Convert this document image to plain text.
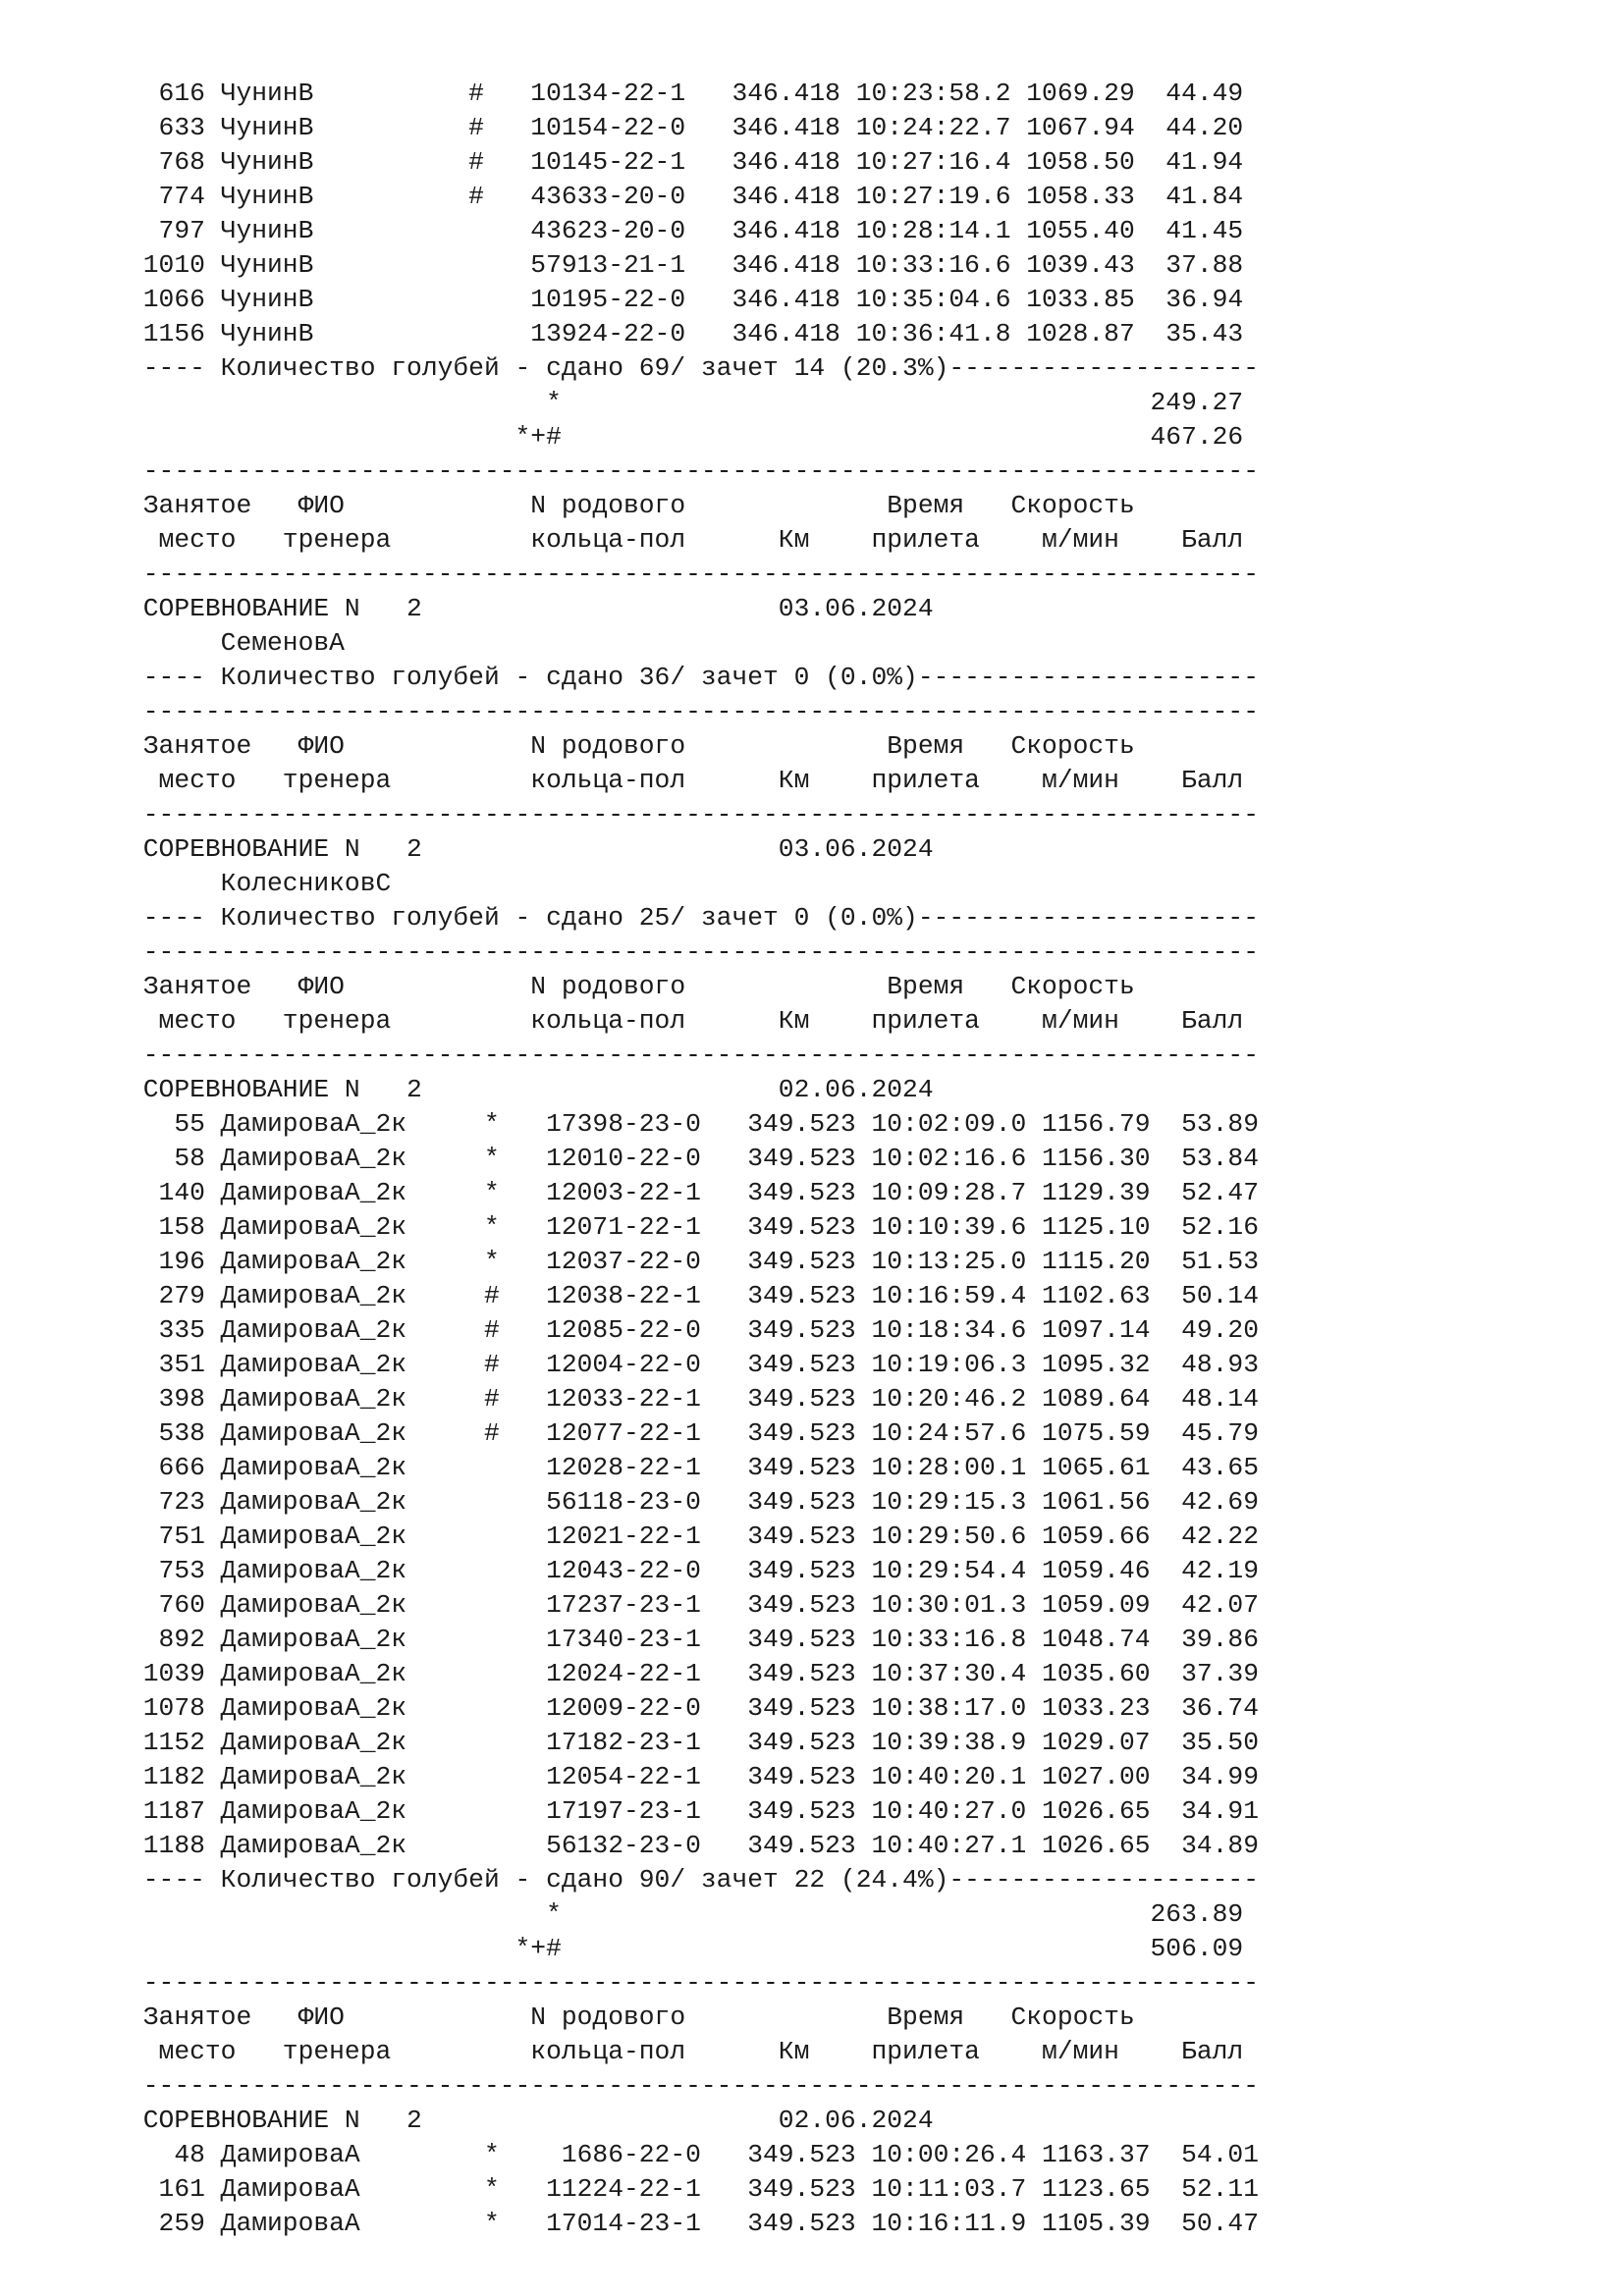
616 ЧунинВ          #   10134-22-1   346.418 10:23:58.2 1069.29  44.49
633 ЧунинВ          #   10154-22-0   346.418 10:24:22.7 1067.94  44.20
768 ЧунинВ          #   10145-22-1   346.418 10:27:16.4 1058.50  41.94
774 ЧунинВ          #   43633-20-0   346.418 10:27:19.6 1058.33  41.84
797 ЧунинВ              43623-20-0   346.418 10:28:14.1 1055.40  41.45
1010 ЧунинВ              57913-21-1   346.418 10:33:16.6 1039.43  37.88
1066 ЧунинВ              10195-22-0   346.418 10:35:04.6 1033.85  36.94
1156 ЧунинВ              13924-22-0   346.418 10:36:41.8 1028.87  35.43
---- Количество голубей - сдано 69/ зачет 14 (20.3%)--------------------
*                                      249.27
*+#                                      467.26
------------------------------------------------------------------------
Занятое   ФИО            N родового             Время   Скорость
место   тренера         кольца-пол      Км    прилета    м/мин    Балл
------------------------------------------------------------------------
СОРЕВНОВАНИЕ N   2                       03.06.2024
СеменовА
---- Количество голубей - сдано 36/ зачет 0 (0.0%)----------------------
------------------------------------------------------------------------
Занятое   ФИО            N родового             Время   Скорость
место   тренера         кольца-пол      Км    прилета    м/мин    Балл
------------------------------------------------------------------------
СОРЕВНОВАНИЕ N   2                       03.06.2024
КолесниковС
---- Количество голубей - сдано 25/ зачет 0 (0.0%)----------------------
------------------------------------------------------------------------
Занятое   ФИО            N родового             Время   Скорость
место   тренера         кольца-пол      Км    прилета    м/мин    Балл
------------------------------------------------------------------------
СОРЕВНОВАНИЕ N   2                       02.06.2024
55 ДамироваА_2к     *   17398-23-0   349.523 10:02:09.0 1156.79  53.89
58 ДамироваА_2к     *   12010-22-0   349.523 10:02:16.6 1156.30  53.84
140 ДамироваА_2к     *   12003-22-1   349.523 10:09:28.7 1129.39  52.47
158 ДамироваА_2к     *   12071-22-1   349.523 10:10:39.6 1125.10  52.16
196 ДамироваА_2к     *   12037-22-0   349.523 10:13:25.0 1115.20  51.53
279 ДамироваА_2к     #   12038-22-1   349.523 10:16:59.4 1102.63  50.14
335 ДамироваА_2к     #   12085-22-0   349.523 10:18:34.6 1097.14  49.20
351 ДамироваА_2к     #   12004-22-0   349.523 10:19:06.3 1095.32  48.93
398 ДамироваА_2к     #   12033-22-1   349.523 10:20:46.2 1089.64  48.14
538 ДамироваА_2к     #   12077-22-1   349.523 10:24:57.6 1075.59  45.79
666 ДамироваА_2к         12028-22-1   349.523 10:28:00.1 1065.61  43.65
723 ДамироваА_2к         56118-23-0   349.523 10:29:15.3 1061.56  42.69
751 ДамироваА_2к         12021-22-1   349.523 10:29:50.6 1059.66  42.22
753 ДамироваА_2к         12043-22-0   349.523 10:29:54.4 1059.46  42.19
760 ДамироваА_2к         17237-23-1   349.523 10:30:01.3 1059.09  42.07
892 ДамироваА_2к         17340-23-1   349.523 10:33:16.8 1048.74  39.86
1039 ДамироваА_2к         12024-22-1   349.523 10:37:30.4 1035.60  37.39
1078 ДамироваА_2к         12009-22-0   349.523 10:38:17.0 1033.23  36.74
1152 ДамироваА_2к         17182-23-1   349.523 10:39:38.9 1029.07  35.50
1182 ДамироваА_2к         12054-22-1   349.523 10:40:20.1 1027.00  34.99
1187 ДамироваА_2к         17197-23-1   349.523 10:40:27.0 1026.65  34.91
1188 ДамироваА_2к         56132-23-0   349.523 10:40:27.1 1026.65  34.89
---- Количество голубей - сдано 90/ зачет 22 (24.4%)--------------------
*                                      263.89
*+#                                      506.09
------------------------------------------------------------------------
Занятое   ФИО            N родового             Время   Скорость
место   тренера         кольца-пол      Км    прилета    м/мин    Балл
------------------------------------------------------------------------
СОРЕВНОВАНИЕ N   2                       02.06.2024
48 ДамироваА        *    1686-22-0   349.523 10:00:26.4 1163.37  54.01
161 ДамироваА        *   11224-22-1   349.523 10:11:03.7 1123.65  52.11
259 ДамироваА        *   17014-23-1   349.523 10:16:11.9 1105.39  50.47
